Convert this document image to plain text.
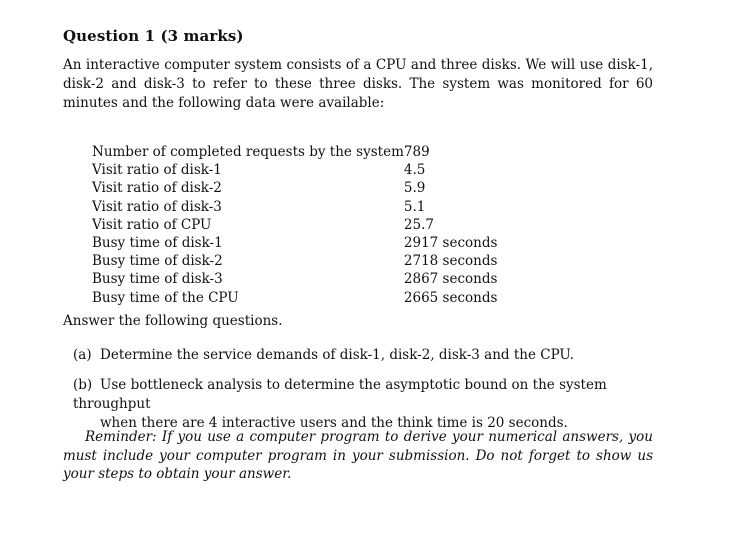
Question 1 (3 marks)
An interactive computer system consists of a CPU and three disks. We will use disk-1, disk-2 and disk-3 to refer to these three disks. The system was monitored for 60 minutes and the following data were available:
Number of completed requests by the system	789
Visit ratio of disk-1	4.5
Visit ratio of disk-2	5.9
Visit ratio of disk-3	5.1
Visit ratio of CPU	25.7
Busy time of disk-1	2917 seconds
Busy time of disk-2	2718 seconds
Busy time of disk-3	2867 seconds
Busy time of the CPU	2665 seconds
Answer the following questions.
(a) Determine the service demands of disk-1, disk-2, disk-3 and the CPU.
(b) Use bottleneck analysis to determine the asymptotic bound on the system throughput
when there are 4 interactive users and the think time is 20 seconds.
Reminder: If you use a computer program to derive your numerical answers, you must include your computer program in your submission. Do not forget to show us your steps to obtain your answer.
